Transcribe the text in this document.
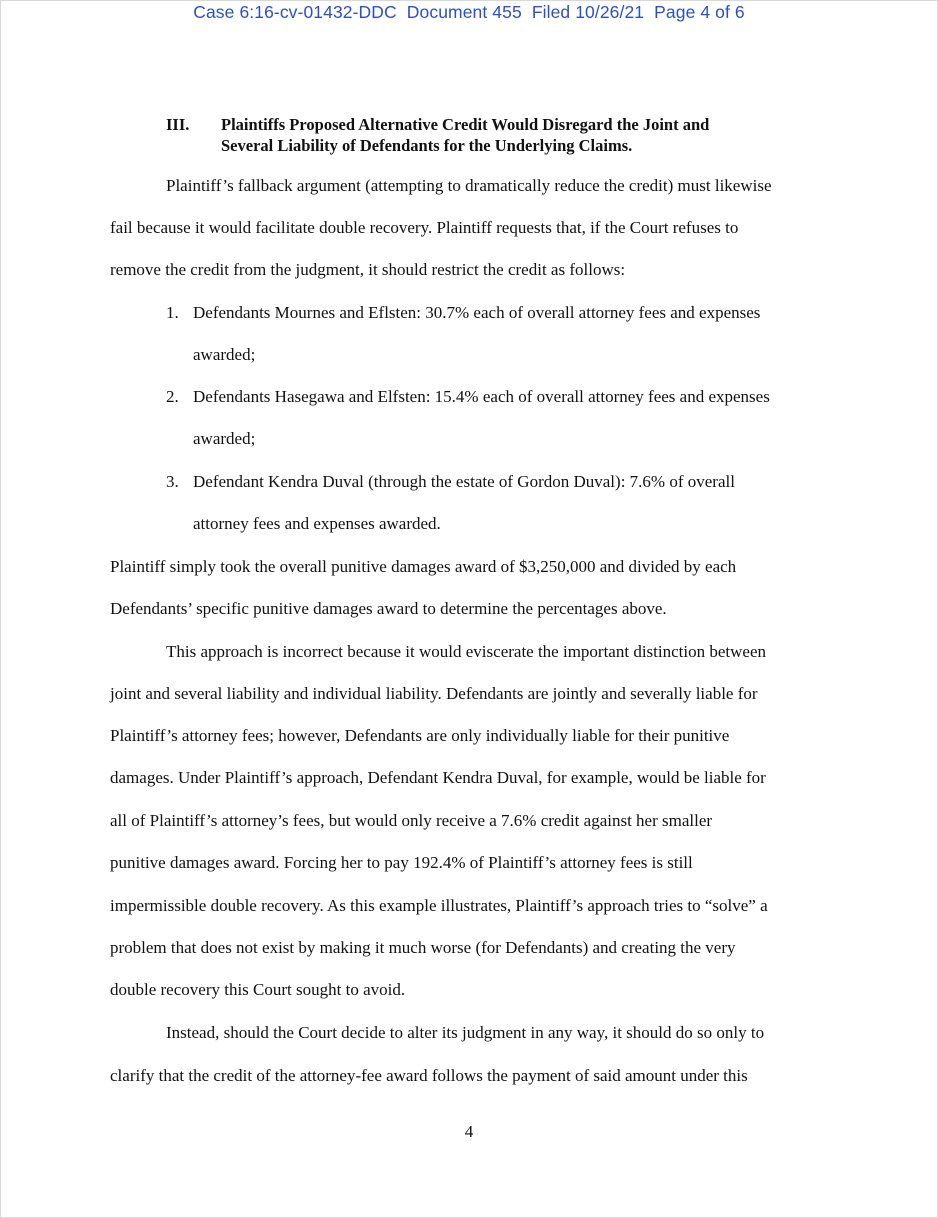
Case 6:16-cv-01432-DDC Document 455 Filed 10/26/21 Page 4 of 6
III. Plaintiffs Proposed Alternative Credit Would Disregard the Joint and
Several Liability of Defendants for the Underlying Claims.
Plaintiff’s fallback argument (attempting to dramatically reduce the credit) must likewise
fail because it would facilitate double recovery. Plaintiff requests that, if the Court refuses to
remove the credit from the judgment, it should restrict the credit as follows:
1. Defendants Mournes and Eflsten: 30.7% each of overall attorney fees and expenses
awarded;
2. Defendants Hasegawa and Elfsten: 15.4% each of overall attorney fees and expenses
awarded;
3. Defendant Kendra Duval (through the estate of Gordon Duval): 7.6% of overall
attorney fees and expenses awarded.
Plaintiff simply took the overall punitive damages award of $3,250,000 and divided by each
Defendants’ specific punitive damages award to determine the percentages above.
This approach is incorrect because it would eviscerate the important distinction between
joint and several liability and individual liability. Defendants are jointly and severally liable for
Plaintiff’s attorney fees; however, Defendants are only individually liable for their punitive
damages. Under Plaintiff’s approach, Defendant Kendra Duval, for example, would be liable for
all of Plaintiff’s attorney’s fees, but would only receive a 7.6% credit against her smaller
punitive damages award. Forcing her to pay 192.4% of Plaintiff’s attorney fees is still
impermissible double recovery. As this example illustrates, Plaintiff’s approach tries to “solve” a
problem that does not exist by making it much worse (for Defendants) and creating the very
double recovery this Court sought to avoid.
Instead, should the Court decide to alter its judgment in any way, it should do so only to
clarify that the credit of the attorney-fee award follows the payment of said amount under this
4
